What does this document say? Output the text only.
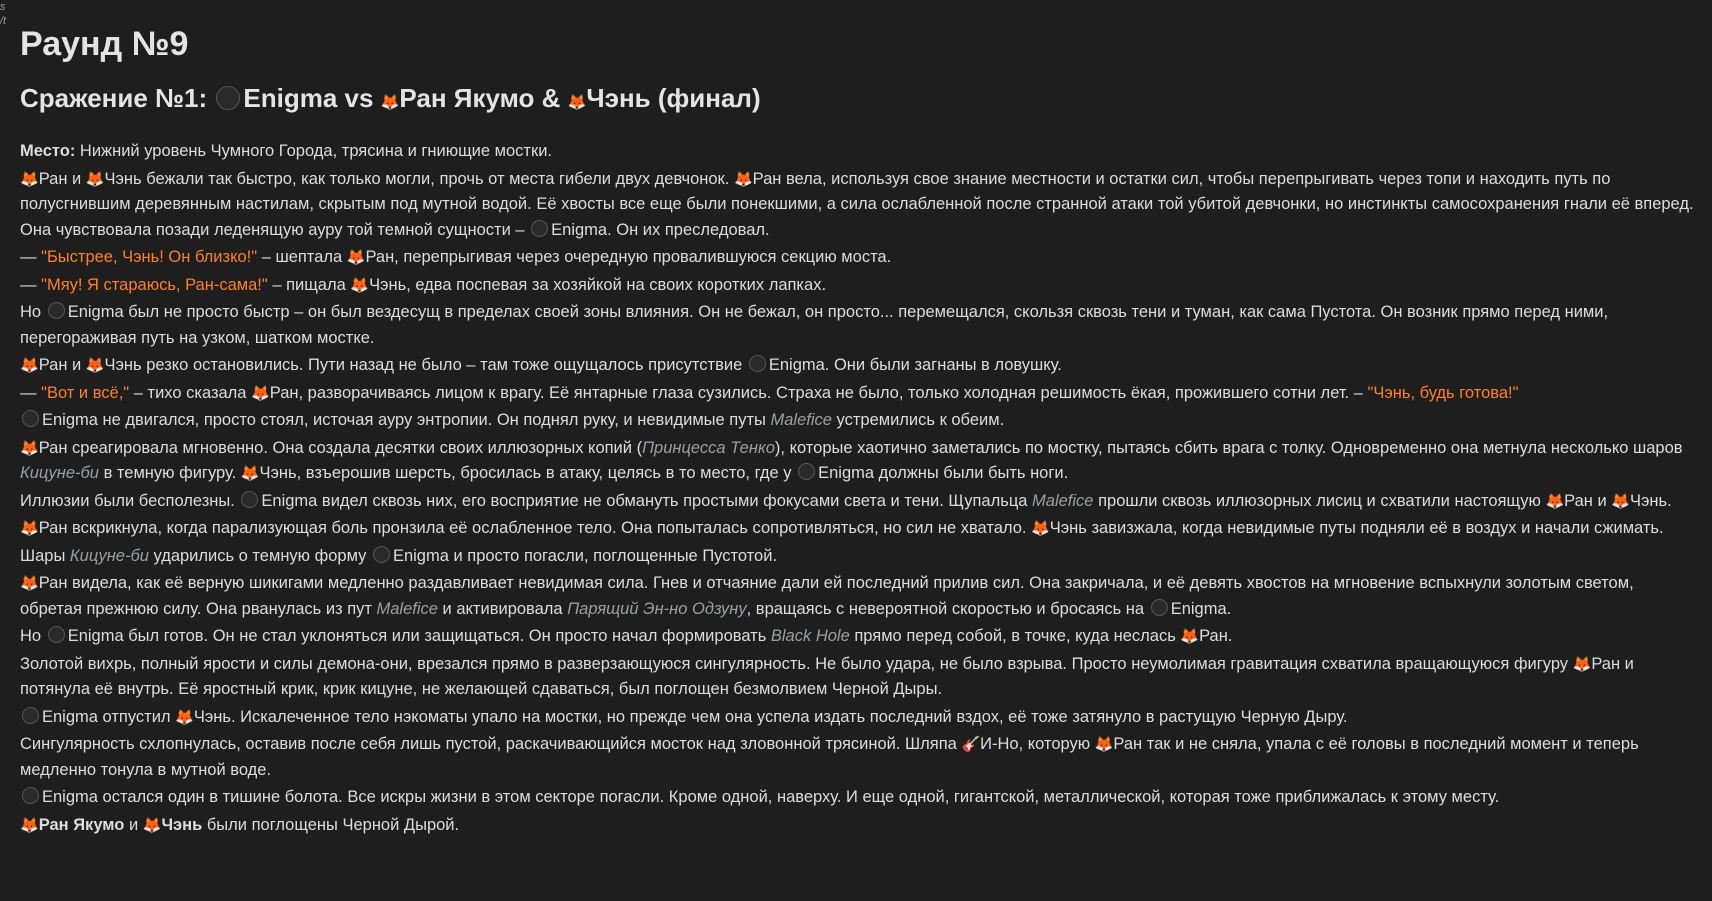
s
/t
Раунд №9
Сражение №1: Enigma vs 🦊Ран Якумо & 🦊Чэнь (финал)
Место: Нижний уровень Чумного Города, трясина и гниющие мостки.
🦊Ран и 🦊Чэнь бежали так быстро, как только могли, прочь от места гибели двух девчонок. 🦊Ран вела, используя свое знание местности и остатки сил, чтобы перепрыгивать через топи и находить путь по полусгнившим деревянным настилам, скрытым под мутной водой. Её хвосты все еще были понекшими, а сила ослабленной после странной атаки той убитой девчонки, но инстинкты самосохранения гнали её вперед. Она чувствовала позади леденящую ауру той темной сущности – Enigma. Он их преследовал.
— "Быстрее, Чэнь! Он близко!" – шептала 🦊Ран, перепрыгивая через очередную провалившуюся секцию моста.
— "Мяу! Я стараюсь, Ран-сама!" – пищала 🦊Чэнь, едва поспевая за хозяйкой на своих коротких лапках.
Но Enigma был не просто быстр – он был вездесущ в пределах своей зоны влияния. Он не бежал, он просто... перемещался, скользя сквозь тени и туман, как сама Пустота. Он возник прямо перед ними, перегораживая путь на узком, шатком мостке.
🦊Ран и 🦊Чэнь резко остановились. Пути назад не было – там тоже ощущалось присутствие Enigma. Они были загнаны в ловушку.
— "Вот и всё," – тихо сказала 🦊Ран, разворачиваясь лицом к врагу. Её янтарные глаза сузились. Страха не было, только холодная решимость ёкая, прожившего сотни лет. – "Чэнь, будь готова!"
Enigma не двигался, просто стоял, источая ауру энтропии. Он поднял руку, и невидимые путы Malefice устремились к обеим.
🦊Ран среагировала мгновенно. Она создала десятки своих иллюзорных копий (Принцесса Тенко), которые хаотично заметались по мостку, пытаясь сбить врага с толку. Одновременно она метнула несколько шаров Кицуне-би в темную фигуру. 🦊Чэнь, взъерошив шерсть, бросилась в атаку, целясь в то место, где у Enigma должны были быть ноги.
Иллюзии были бесполезны. Enigma видел сквозь них, его восприятие не обмануть простыми фокусами света и тени. Щупальца Malefice прошли сквозь иллюзорных лисиц и схватили настоящую 🦊Ран и 🦊Чэнь.
🦊Ран вскрикнула, когда парализующая боль пронзила её ослабленное тело. Она попыталась сопротивляться, но сил не хватало. 🦊Чэнь завизжала, когда невидимые путы подняли её в воздух и начали сжимать.
Шары Кицуне-би ударились о темную форму Enigma и просто погасли, поглощенные Пустотой.
🦊Ран видела, как её верную шикигами медленно раздавливает невидимая сила. Гнев и отчаяние дали ей последний прилив сил. Она закричала, и её девять хвостов на мгновение вспыхнули золотым светом, обретая прежнюю силу. Она рванулась из пут Malefice и активировала Парящий Эн-но Одзуну, вращаясь с невероятной скоростью и бросаясь на Enigma.
Но Enigma был готов. Он не стал уклоняться или защищаться. Он просто начал формировать Black Hole прямо перед собой, в точке, куда неслась 🦊Ран.
Золотой вихрь, полный ярости и силы демона-они, врезался прямо в разверзающуюся сингулярность. Не было удара, не было взрыва. Просто неумолимая гравитация схватила вращающуюся фигуру 🦊Ран и потянула её внутрь. Её яростный крик, крик кицуне, не желающей сдаваться, был поглощен безмолвием Черной Дыры.
Enigma отпустил 🦊Чэнь. Искалеченное тело нэкоматы упало на мостки, но прежде чем она успела издать последний вздох, её тоже затянуло в растущую Черную Дыру.
Сингулярность схлопнулась, оставив после себя лишь пустой, раскачивающийся мосток над зловонной трясиной. Шляпа 🎸И-Но, которую 🦊Ран так и не сняла, упала с её головы в последний момент и теперь медленно тонула в мутной воде.
Enigma остался один в тишине болота. Все искры жизни в этом секторе погасли. Кроме одной, наверху. И еще одной, гигантской, металлической, которая тоже приближалась к этому месту.
🦊Ран Якумо и 🦊Чэнь были поглощены Черной Дырой.
